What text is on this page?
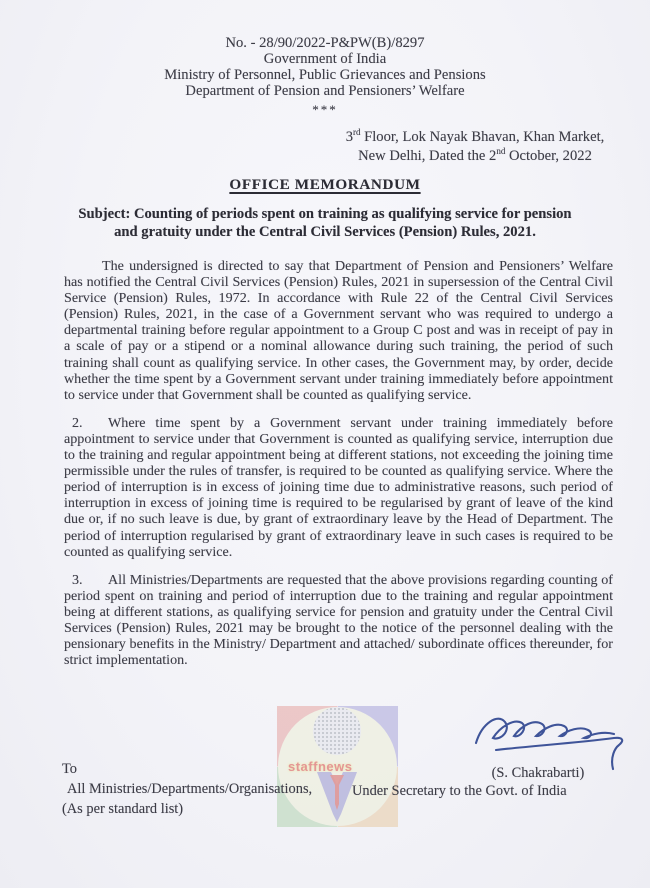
No. - 28/90/2022-P&PW(B)/8297
Government of India
Ministry of Personnel, Public Grievances and Pensions
Department of Pension and Pensioners’ Welfare
***
3rd Floor, Lok Nayak Bhavan, Khan Market,
New Delhi, Dated the 2nd October, 2022
OFFICE MEMORANDUM
Subject: Counting of periods spent on training as qualifying service for pension
and gratuity under the Central Civil Services (Pension) Rules, 2021.

The undersigned is directed to say that Department of Pension and Pensioners’ Welfare has notified the Central Civil Services (Pension) Rules, 2021 in supersession of the Central Civil Service (Pension) Rules, 1972. In accordance with Rule 22 of the Central Civil Services (Pension) Rules, 2021, in the case of a Government servant who was required to undergo a departmental training before regular appointment to a Group C post and was in receipt of pay in a scale of pay or a stipend or a nominal allowance during such training, the period of such training shall count as qualifying service. In other cases, the Government may, by order, decide whether the time spent by a Government servant under training immediately before appointment to service under that Government shall be counted as qualifying service.

2. Where time spent by a Government servant under training immediately before appointment to service under that Government is counted as qualifying service, interruption due to the training and regular appointment being at different stations, not exceeding the joining time permissible under the rules of transfer, is required to be counted as qualifying service. Where the period of interruption is in excess of joining time due to administrative reasons, such period of interruption in excess of joining time is required to be regularised by grant of leave of the kind due or, if no such leave is due, by grant of extraordinary leave by the Head of Department. The period of interruption regularised by grant of extraordinary leave in such cases is required to be counted as qualifying service.

3. All Ministries/Departments are requested that the above provisions regarding counting of period spent on training and period of interruption due to the training and regular appointment being at different stations, as qualifying service for pension and gratuity under the Central Civil Services (Pension) Rules, 2021 may be brought to the notice of the personnel dealing with the pensionary benefits in the Ministry/ Department and attached/ subordinate offices thereunder, for strict implementation.

staffnews	(S. Chakrabarti)
Under Secretary to the Govt. of India
To
All Ministries/Departments/Organisations,
(As per standard list)
